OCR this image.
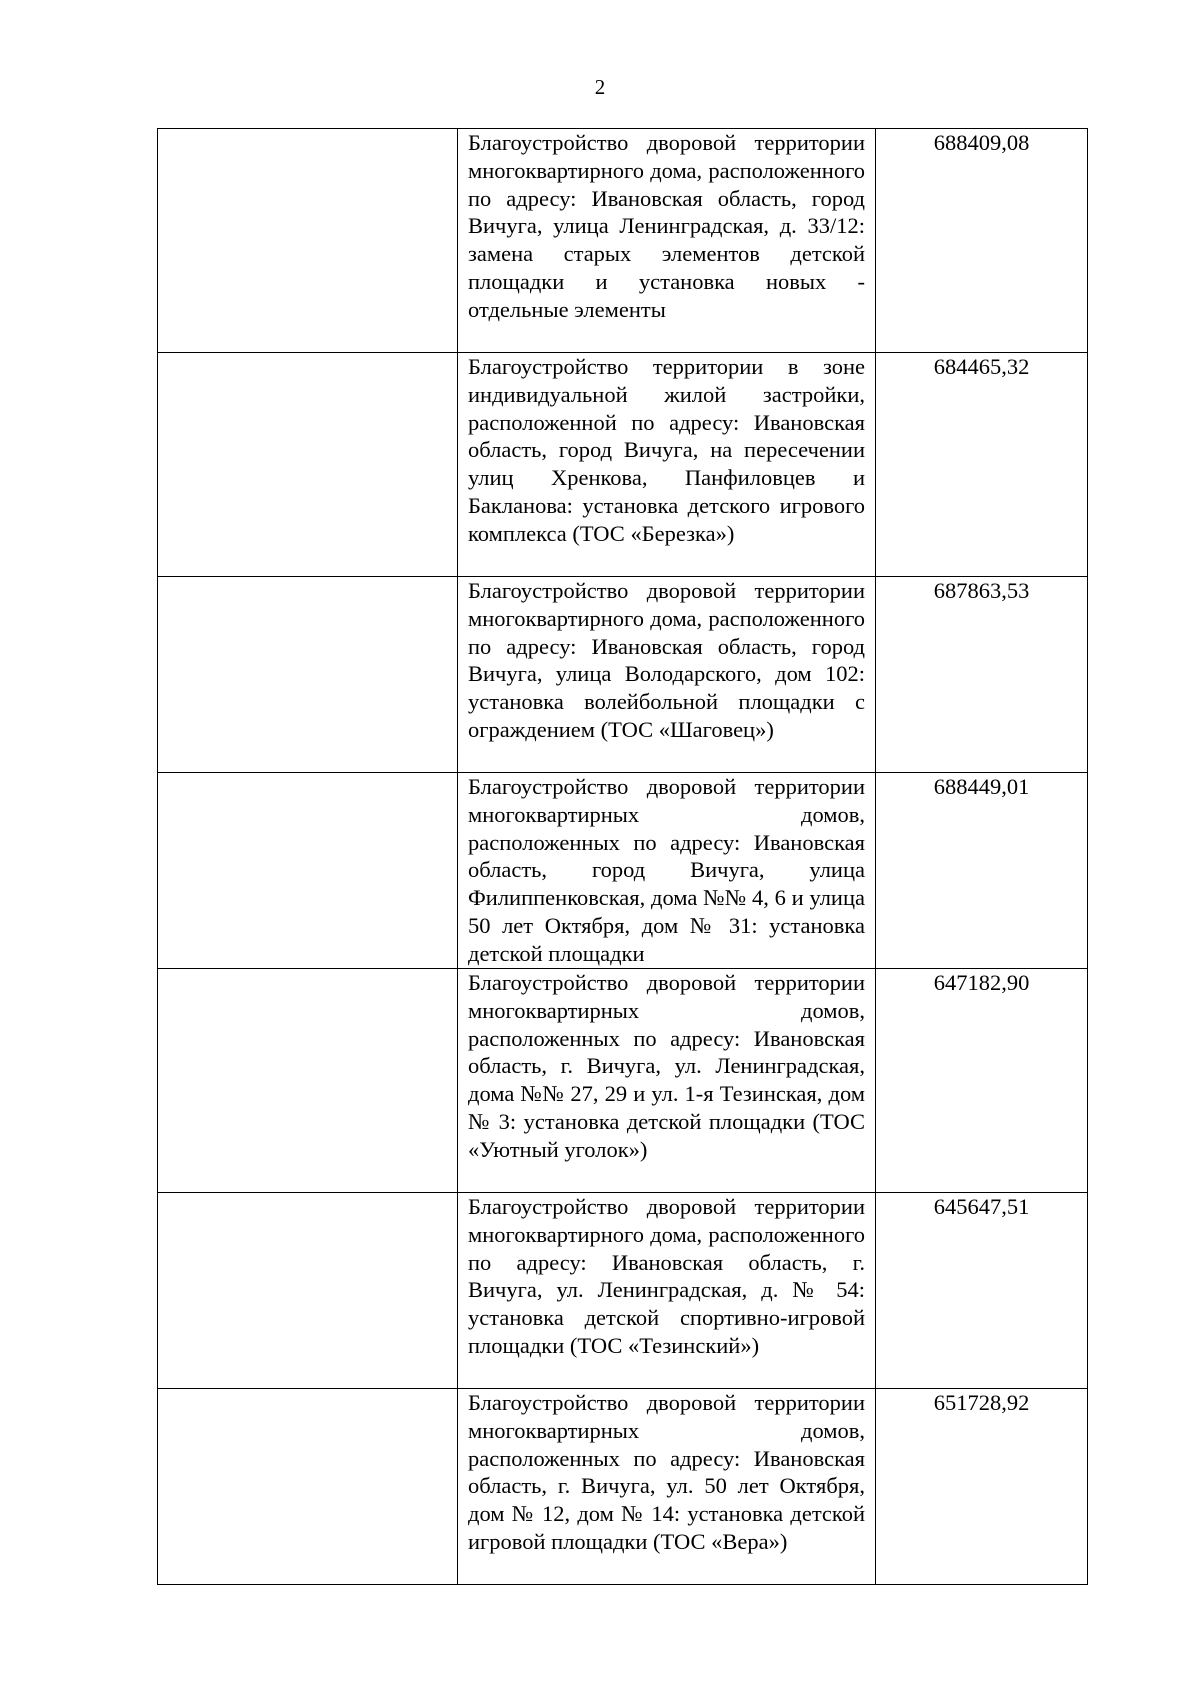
2
	Благоустройство дворовой территории многоквартирного дома, расположенного по адресу: Ивановская область, город Вичуга, улица Ленинградская, д. 33/12: замена старых элементов детской площадки и установка новых - отдельные элементы	688409,08
	Благоустройство территории в зоне индивидуальной жилой застройки, расположенной по адресу: Ивановская область, город Вичуга, на пересечении улиц Хренкова, Панфиловцев и Бакланова: установка детского игрового комплекса (ТОС «Березка»)	684465,32
	Благоустройство дворовой территории многоквартирного дома, расположенного по адресу: Ивановская область, город Вичуга, улица Володарского, дом 102: установка волейбольной площадки с ограждением (ТОС «Шаговец»)	687863,53
	Благоустройство дворовой территории многоквартирных домов, расположенных по адресу: Ивановская область, город Вичуга, улица Филиппенковская, дома №№ 4, 6 и улица 50 лет Октября, дом № 31: установка детской площадки	688449,01
	Благоустройство дворовой территории многоквартирных домов, расположенных по адресу: Ивановская область, г. Вичуга, ул. Ленинградская, дома №№ 27, 29 и ул. 1-я Тезинская, дом № 3: установка детской площадки (ТОС «Уютный уголок»)	647182,90
	Благоустройство дворовой территории многоквартирного дома, расположенного по адресу: Ивановская область, г. Вичуга, ул. Ленинградская, д. № 54: установка детской спортивно-игровой площадки (ТОС «Тезинский»)	645647,51
	Благоустройство дворовой территории многоквартирных домов, расположенных по адресу: Ивановская область, г. Вичуга, ул. 50 лет Октября, дом № 12, дом № 14: установка детской игровой площадки (ТОС «Вера»)	651728,92
